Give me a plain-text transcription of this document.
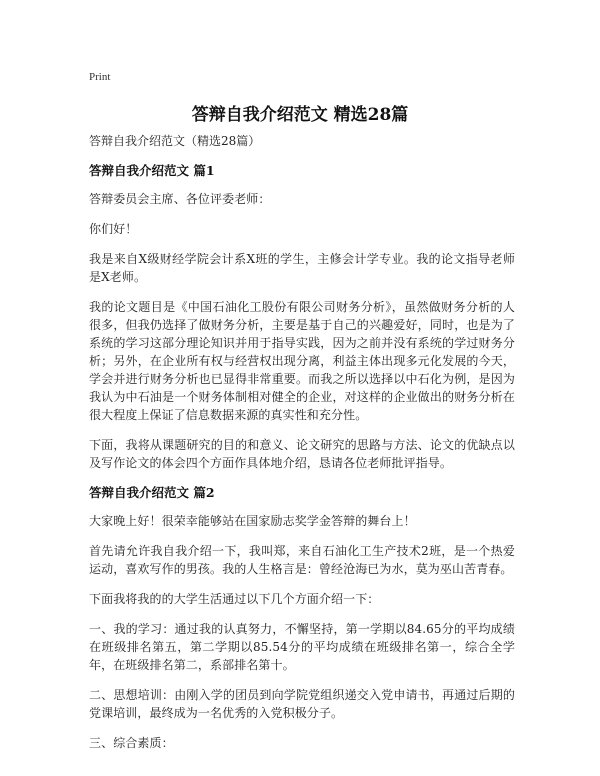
Print
答辩自我介绍范文 精选28篇

答辩自我介绍范文（精选28篇）

答辩自我介绍范文 篇1

答辩委员会主席、各位评委老师：

你们好！

我是来自X级财经学院会计系X班的学生，主修会计学专业。我的论文指导老师是X老师。

我的论文题目是《中国石油化工股份有限公司财务分析》，虽然做财务分析的人很多，但我仍选择了做财务分析，主要是基于自己的兴趣爱好，同时，也是为了系统的学习这部分理论知识并用于指导实践，因为之前并没有系统的学过财务分析；另外，在企业所有权与经营权出现分离，利益主体出现多元化发展的今天，学会并进行财务分析也已显得非常重要。而我之所以选择以中石化为例，是因为我认为中石油是一个财务体制相对健全的企业，对这样的企业做出的财务分析在很大程度上保证了信息数据来源的真实性和充分性。

下面，我将从课题研究的目的和意义、论文研究的思路与方法、论文的优缺点以及写作论文的体会四个方面作具体地介绍，恳请各位老师批评指导。

答辩自我介绍范文 篇2

大家晚上好！很荣幸能够站在国家励志奖学金答辩的舞台上！

首先请允许我自我介绍一下，我叫郑，来自石油化工生产技术2班，是一个热爱运动，喜欢写作的男孩。我的人生格言是：曾经沧海已为水，莫为巫山苦青春。

下面我将我的的大学生活通过以下几个方面介绍一下：

一、我的学习：通过我的认真努力，不懈坚持，第一学期以84.65分的平均成绩在班级排名第五，第二学期以85.54分的平均成绩在班级排名第一，综合全学年，在班级排名第二，系部排名第十。

二、思想培训：由刚入学的团员到向学院党组织递交入党申请书，再通过后期的党课培训，最终成为一名优秀的入党积极分子。

三、综合素质：
